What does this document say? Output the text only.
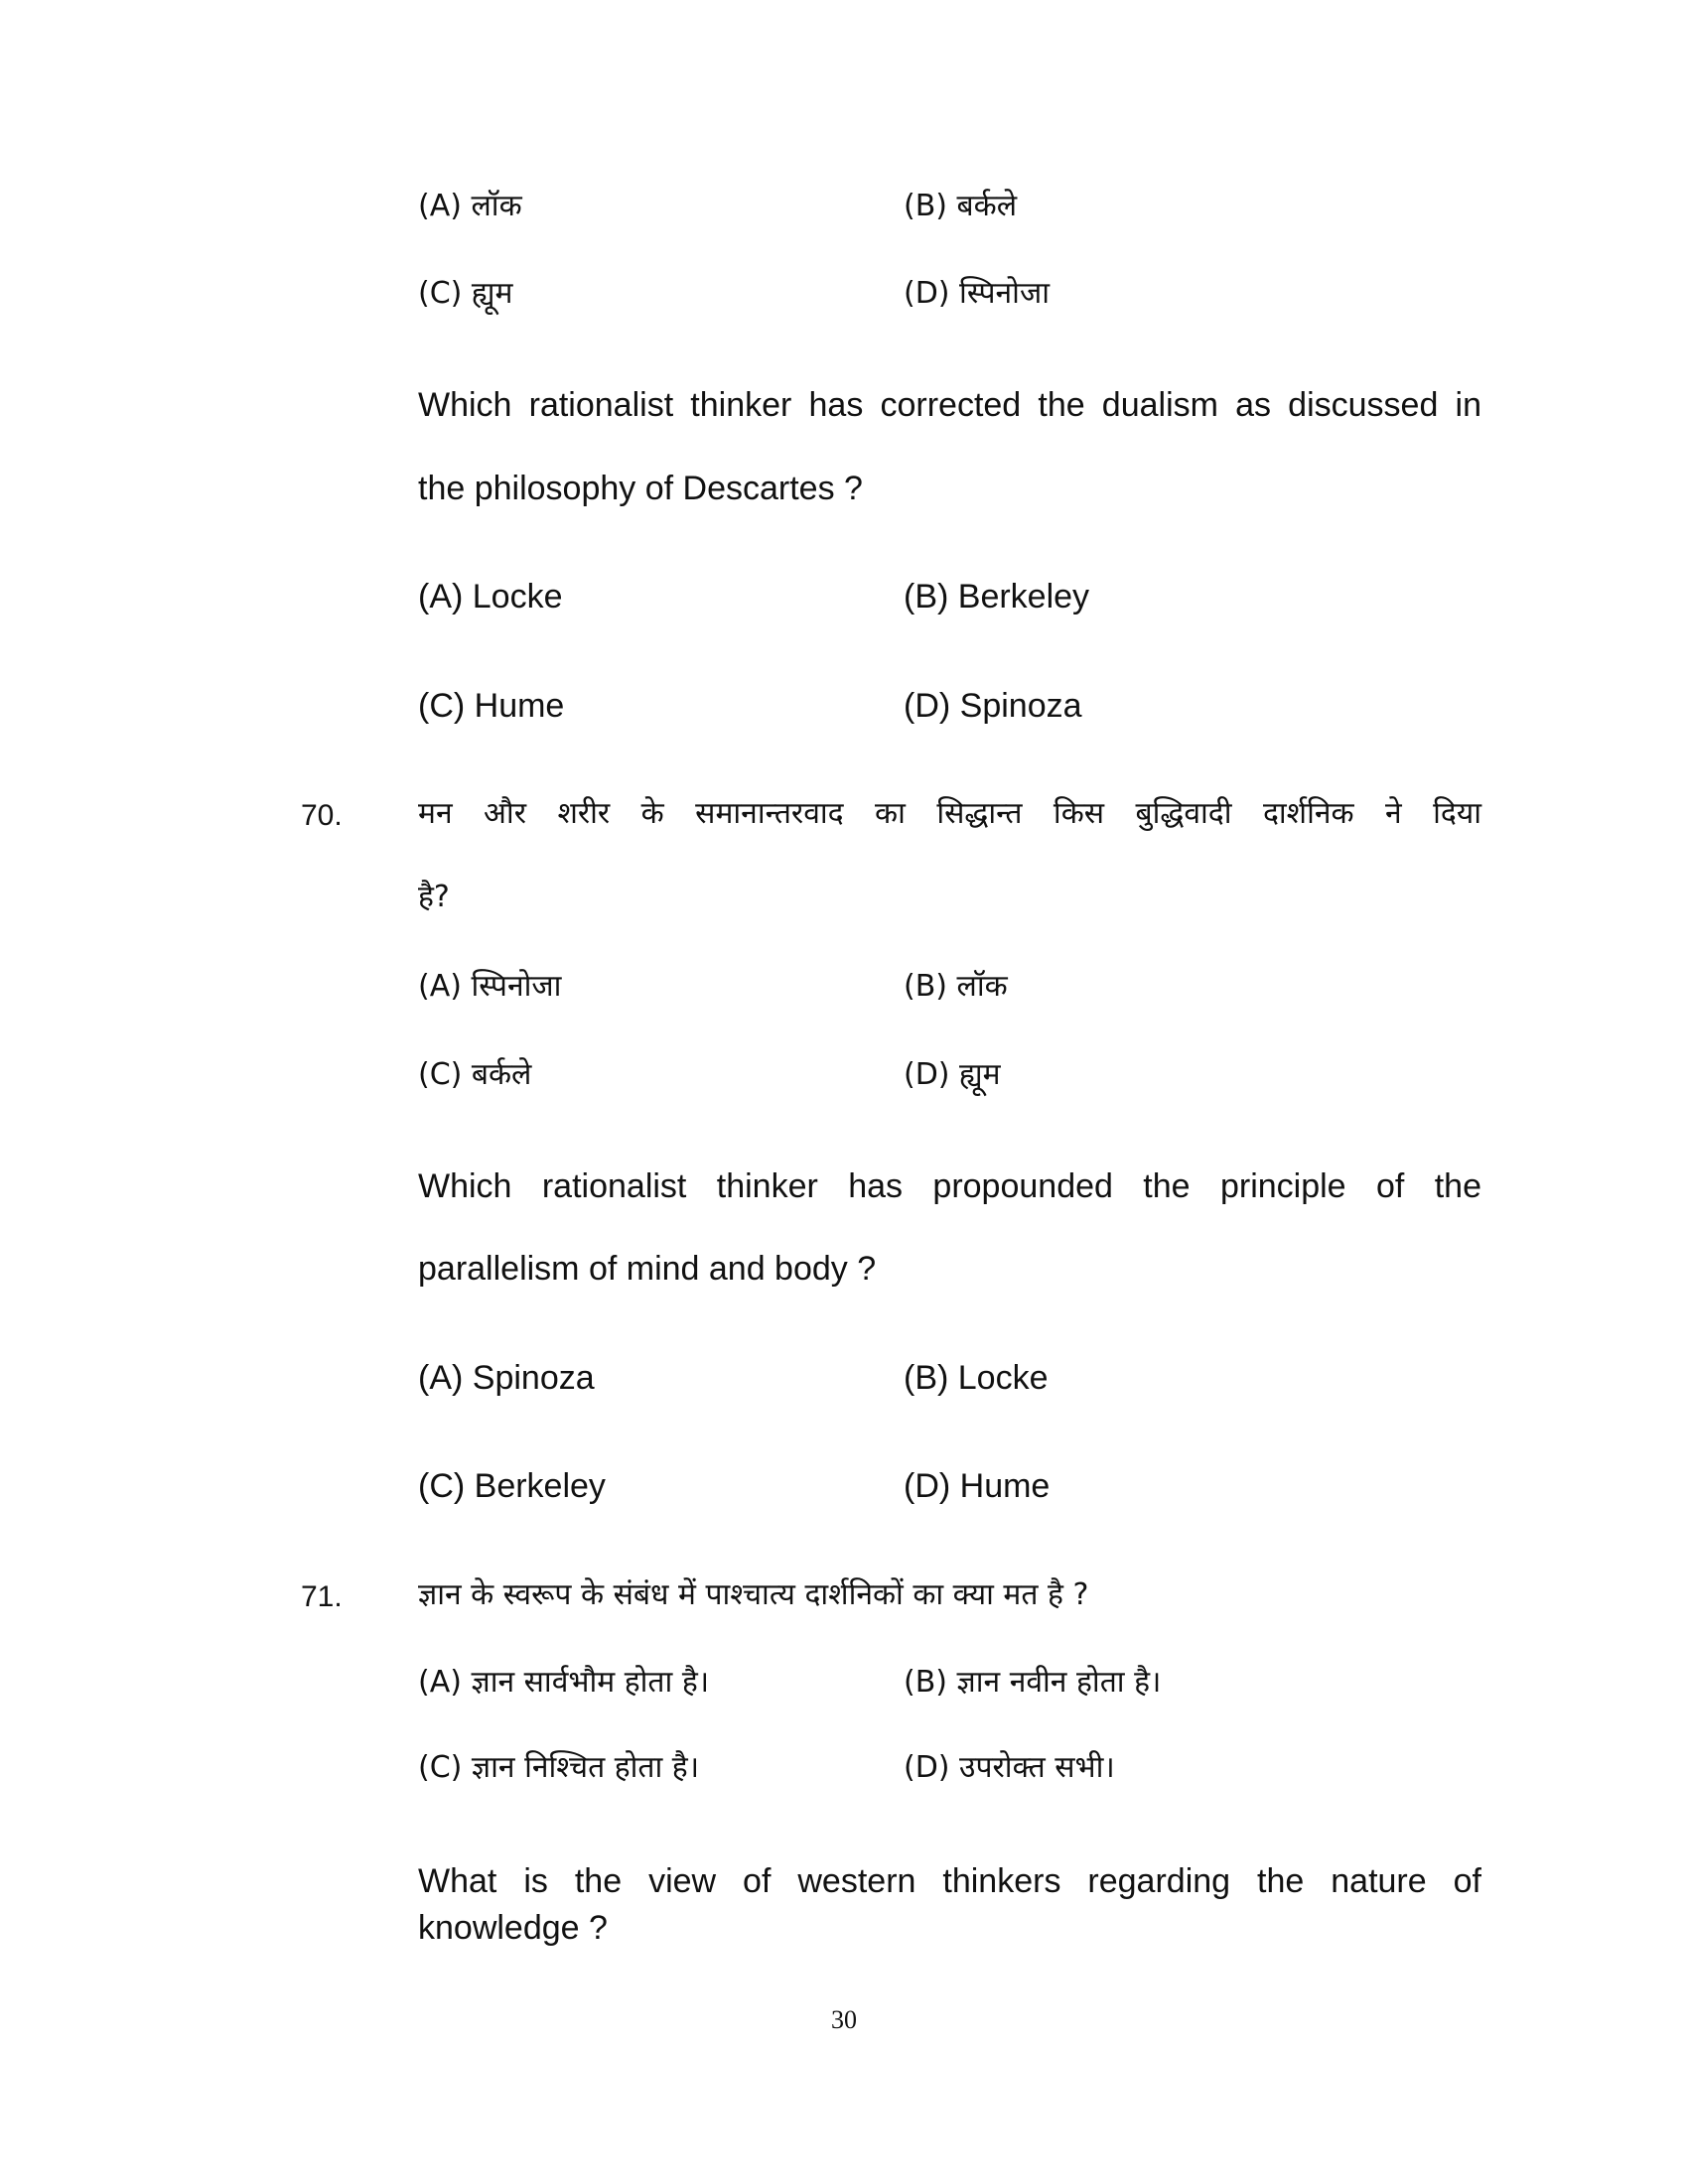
(A) लॉक	(B) बर्कले
(C) ह्यूम	(D) स्पिनोजा
Which rationalist thinker has corrected the dualism as discussed in
the philosophy of Descartes ?
(A) Locke	(B) Berkeley
(C) Hume	(D) Spinoza
70.	मन और शरीर के समानान्तरवाद का सिद्धान्त किस बुद्धिवादी दार्शनिक ने दिया
है?
(A) स्पिनोजा	(B) लॉक
(C) बर्कले	(D) ह्यूम
Which rationalist thinker has propounded the principle of the
parallelism of mind and body ?
(A) Spinoza	(B) Locke
(C) Berkeley	(D) Hume
71.	ज्ञान के स्वरूप के संबंध में पाश्चात्य दार्शनिकों का क्या मत है ?
(A) ज्ञान सार्वभौम होता है।	(B) ज्ञान नवीन होता है।
(C) ज्ञान निश्चित होता है।	(D) उपरोक्त सभी।
What is the view of western thinkers regarding the nature of
knowledge ?
30
